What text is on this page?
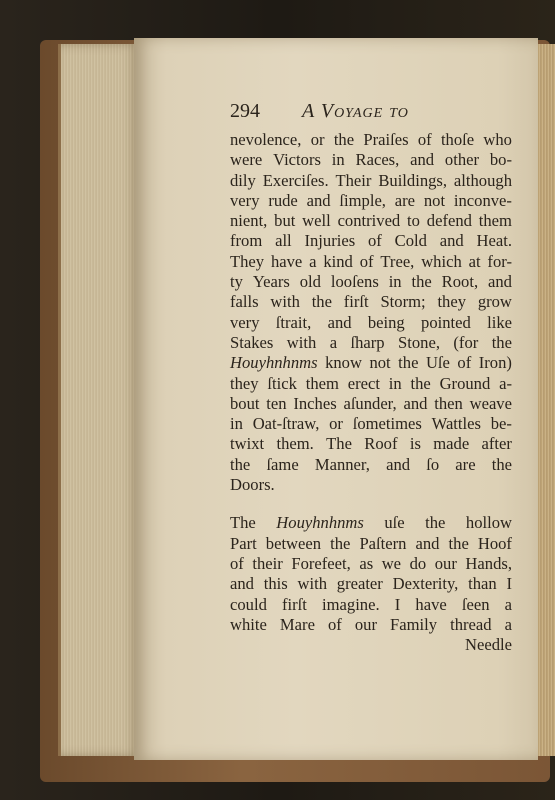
294	A Voyage to
nevolence, or the Praiſes of thoſe who
were Victors in Races, and other bo-
dily Exerciſes. Their Buildings, although
very rude and ſimple, are not inconve-
nient, but well contrived to defend them
from all Injuries of Cold and Heat.
They have a kind of Tree, which at for-
ty Years old looſens in the Root, and
falls with the firſt Storm; they grow
very ſtrait, and being pointed like
Stakes with a ſharp Stone, (for the
Houyhnhnms know not the Uſe of Iron)
they ſtick them erect in the Ground a-
bout ten Inches aſunder, and then weave
in Oat-ſtraw, or ſometimes Wattles be-
twixt them. The Roof is made after
the ſame Manner, and ſo are the
Doors.
The Houyhnhnms uſe the hollow
Part between the Paſtern and the Hoof
of their Forefeet, as we do our Hands,
and this with greater Dexterity, than I
could firſt imagine. I have ſeen a
white Mare of our Family thread a
Needle
